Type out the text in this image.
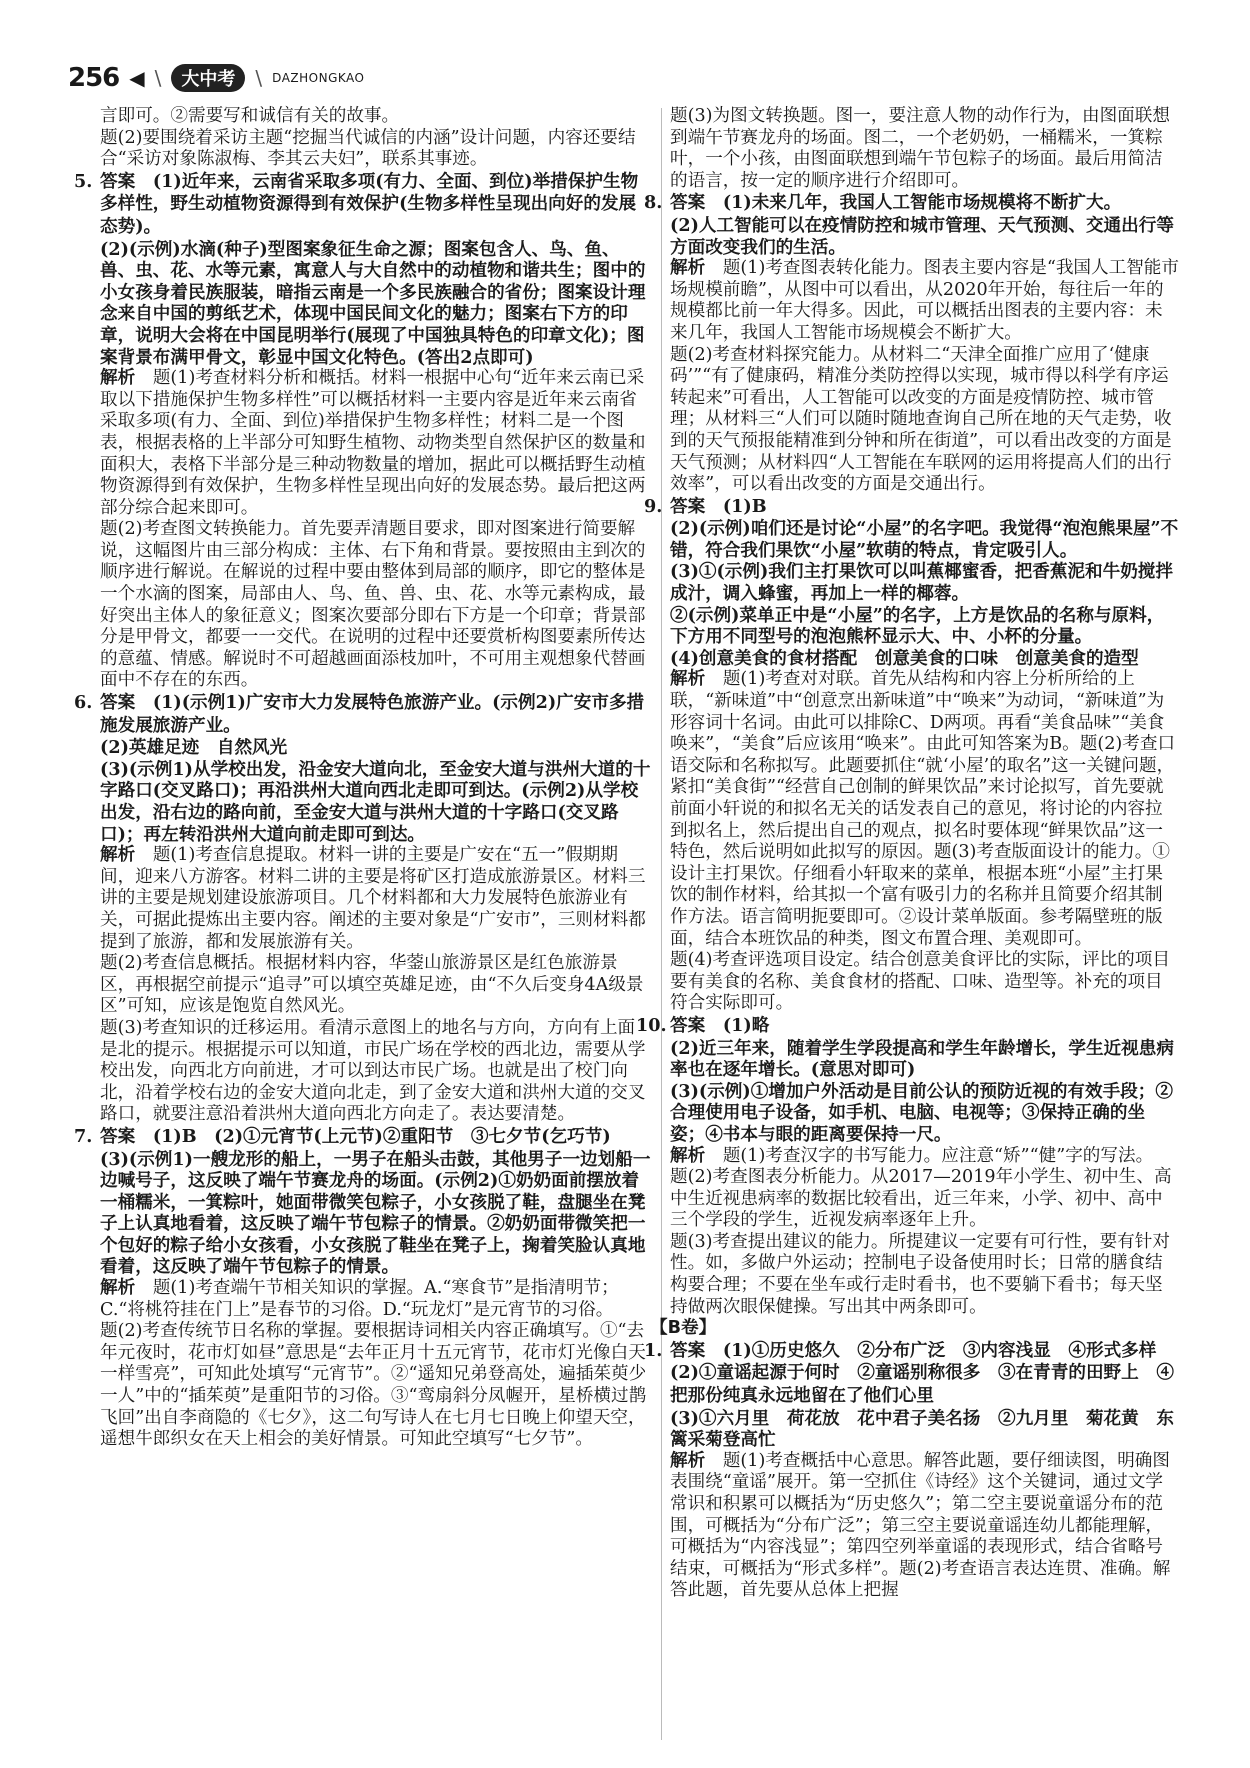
256 ◀ \	大中考	\ DAZHONGKAO

言即可。②需要写和诚信有关的故事。

题(2)要围绕着采访主题“挖掘当代诚信的内涵”设计问题，内容还要结合“采访对象陈淑梅、李其云夫妇”，联系其事迹。

5. 答案　 (1)近年来，云南省采取多项(有力、全面、到位)举措保护生物多样性，野生动植物资源得到有效保护(生物多样性呈现出向好的发展态势)。

(2)(示例)水滴(种子)型图案象征生命之源；图案包含人、鸟、鱼、兽、虫、花、水等元素，寓意人与大自然中的动植物和谐共生；图中的小女孩身着民族服装，暗指云南是一个多民族融合的省份；图案设计理念来自中国的剪纸艺术，体现中国民间文化的魅力；图案右下方的印章，说明大会将在中国昆明举行(展现了中国独具特色的印章文化)；图案背景布满甲骨文，彰显中国文化特色。(答出2点即可)

解析　 题(1)考查材料分析和概括。材料一根据中心句“近年来云南已采取以下措施保护生物多样性”可以概括材料一主要内容是近年来云南省采取多项(有力、全面、到位)举措保护生物多样性；材料二是一个图表，根据表格的上半部分可知野生植物、动物类型自然保护区的数量和面积大，表格下半部分是三种动物数量的增加，据此可以概括野生动植物资源得到有效保护，生物多样性呈现出向好的发展态势。最后把这两部分综合起来即可。

题(2)考查图文转换能力。首先要弄清题目要求，即对图案进行简要解说，这幅图片由三部分构成：主体、右下角和背景。要按照由主到次的顺序进行解说。在解说的过程中要由整体到局部的顺序，即它的整体是一个水滴的图案，局部由人、鸟、鱼、兽、虫、花、水等元素构成，最好突出主体人的象征意义；图案次要部分即右下方是一个印章；背景部分是甲骨文，都要一一交代。在说明的过程中还要赏析构图要素所传达的意蕴、情感。解说时不可超越画面添枝加叶，不可用主观想象代替画面中不存在的东西。

6. 答案　 (1)(示例1)广安市大力发展特色旅游产业。(示例2)广安市多措施发展旅游产业。

(2)英雄足迹　自然风光

(3)(示例1)从学校出发，沿金安大道向北，至金安大道与洪州大道的十字路口(交叉路口)；再沿洪州大道向西北走即可到达。(示例2)从学校出发，沿右边的路向前，至金安大道与洪州大道的十字路口(交叉路口)；再左转沿洪州大道向前走即可到达。

解析　 题(1)考查信息提取。材料一讲的主要是广安在“五一”假期期间，迎来八方游客。材料二讲的主要是将矿区打造成旅游景区。材料三讲的主要是规划建设旅游项目。几个材料都和大力发展特色旅游业有关，可据此提炼出主要内容。阐述的主要对象是“广安市”，三则材料都提到了旅游，都和发展旅游有关。

题(2)考查信息概括。根据材料内容，华蓥山旅游景区是红色旅游景区，再根据空前提示“追寻”可以填空英雄足迹，由“不久后变身4A级景区”可知，应该是饱览自然风光。

题(3)考查知识的迁移运用。看清示意图上的地名与方向，方向有上面是北的提示。根据提示可以知道，市民广场在学校的西北边，需要从学校出发，向西北方向前进，才可以到达市民广场。也就是出了校门向北，沿着学校右边的金安大道向北走，到了金安大道和洪州大道的交叉路口，就要注意沿着洪州大道向西北方向走了。表达要清楚。

7. 答案　 (1)B　(2)①元宵节(上元节)②重阳节　③七夕节(乞巧节)

(3)(示例1)一艘龙形的船上，一男子在船头击鼓，其他男子一边划船一边喊号子，这反映了端午节赛龙舟的场面。(示例2)①奶奶面前摆放着一桶糯米，一箕粽叶，她面带微笑包粽子，小女孩脱了鞋，盘腿坐在凳子上认真地看着，这反映了端午节包粽子的情景。②奶奶面带微笑把一个包好的粽子给小女孩看，小女孩脱了鞋坐在凳子上，掬着笑脸认真地看着，这反映了端午节包粽子的情景。

解析　 题(1)考查端午节相关知识的掌握。A.“寒食节”是指清明节；C.“将桃符挂在门上”是春节的习俗。D.“玩龙灯”是元宵节的习俗。

题(2)考查传统节日名称的掌握。要根据诗词相关内容正确填写。①“去年元夜时，花市灯如昼”意思是“去年正月十五元宵节，花市灯光像白天一样雪亮”，可知此处填写“元宵节”。②“遥知兄弟登高处，遍插茱萸少一人”中的“插茱萸”是重阳节的习俗。③“鸾扇斜分凤幄开，星桥横过鹊飞回”出自李商隐的《七夕》，这二句写诗人在七月七日晚上仰望天空，遥想牛郎织女在天上相会的美好情景。可知此空填写“七夕节”。

题(3)为图文转换题。图一，要注意人物的动作行为，由图面联想到端午节赛龙舟的场面。图二，一个老奶奶，一桶糯米，一箕粽叶，一个小孩，由图面联想到端午节包粽子的场面。最后用简洁的语言，按一定的顺序进行介绍即可。

8. 答案　 (1)未来几年，我国人工智能市场规模将不断扩大。

(2)人工智能可以在疫情防控和城市管理、天气预测、交通出行等方面改变我们的生活。

解析　 题(1)考查图表转化能力。图表主要内容是“我国人工智能市场规模前瞻”，从图中可以看出，从2020年开始，每往后一年的规模都比前一年大得多。因此，可以概括出图表的主要内容：未来几年，我国人工智能市场规模会不断扩大。

题(2)考查材料探究能力。从材料二“天津全面推广应用了‘健康码’”“有了健康码，精准分类防控得以实现，城市得以科学有序运转起来”可看出，人工智能可以改变的方面是疫情防控、城市管理；从材料三“人们可以随时随地查询自己所在地的天气走势，收到的天气预报能精准到分钟和所在街道”，可以看出改变的方面是天气预测；从材料四“人工智能在车联网的运用将提高人们的出行效率”，可以看出改变的方面是交通出行。

9. 答案　 (1)B

(2)(示例)咱们还是讨论“小屋”的名字吧。我觉得“泡泡熊果屋”不错，符合我们果饮“小屋”软萌的特点，肯定吸引人。

(3)①(示例)我们主打果饮可以叫蕉椰蜜香，把香蕉泥和牛奶搅拌成汁，调入蜂蜜，再加上一样的椰蓉。

②(示例)菜单正中是“小屋”的名字，上方是饮品的名称与原料，下方用不同型号的泡泡熊杯显示大、中、小杯的分量。

(4)创意美食的食材搭配　创意美食的口味　创意美食的造型

解析　 题(1)考查对对联。首先从结构和内容上分析所给的上联，“新味道”中“创意烹出新味道”中“唤来”为动词，“新味道”为形容词十名词。由此可以排除C、D两项。再看“美食品味”“美食唤来”，“美食”后应该用“唤来”。由此可知答案为B。题(2)考查口语交际和名称拟写。此题要抓住“就‘小屋’的取名”这一关键问题，紧扣“美食街”“经营自己创制的鲜果饮品”来讨论拟写，首先要就前面小轩说的和拟名无关的话发表自己的意见，将讨论的内容拉到拟名上，然后提出自己的观点，拟名时要体现“鲜果饮品”这一特色，然后说明如此拟写的原因。题(3)考查版面设计的能力。①设计主打果饮。仔细看小轩取来的菜单，根据本班“小屋”主打果饮的制作材料，给其拟一个富有吸引力的名称并且简要介绍其制作方法。语言简明扼要即可。②设计菜单版面。参考隔壁班的版面，结合本班饮品的种类，图文布置合理、美观即可。

题(4)考查评选项目设定。结合创意美食评比的实际，评比的项目要有美食的名称、美食食材的搭配、口味、造型等。补充的项目符合实际即可。

10. 答案　 (1)略

(2)近三年来，随着学生学段提高和学生年龄增长，学生近视患病率也在逐年增长。(意思对即可)

(3)(示例)①增加户外活动是目前公认的预防近视的有效手段；②合理使用电子设备，如手机、电脑、电视等；③保持正确的坐姿；④书本与眼的距离要保持一尺。

解析　 题(1)考查汉字的书写能力。应注意“矫”“健”字的写法。

题(2)考查图表分析能力。从2017—2019年小学生、初中生、高中生近视患病率的数据比较看出，近三年来，小学、初中、高中三个学段的学生，近视发病率逐年上升。

题(3)考查提出建议的能力。所提建议一定要有可行性，要有针对性。如，多做户外运动；控制电子设备使用时长；日常的膳食结构要合理；不要在坐车或行走时看书，也不要躺下看书；每天坚持做两次眼保健操。写出其中两条即可。

【B卷】

1. 答案　 (1)①历史悠久　②分布广泛　③内容浅显　④形式多样　(2)①童谣起源于何时　②童谣别称很多　③在青青的田野上　④把那份纯真永远地留在了他们心里

(3)①六月里　荷花放　花中君子美名扬　②九月里　菊花黄　东篱采菊登高忙

解析　 题(1)考查概括中心意思。解答此题，要仔细读图，明确图表围绕“童谣”展开。第一空抓住《诗经》这个关键词，通过文学常识和积累可以概括为“历史悠久”；第二空主要说童谣分布的范围，可概括为“分布广泛”；第三空主要说童谣连幼儿都能理解，可概括为“内容浅显”；第四空列举童谣的表现形式，结合省略号结束，可概括为“形式多样”。题(2)考查语言表达连贯、准确。解答此题，首先要从总体上把握
